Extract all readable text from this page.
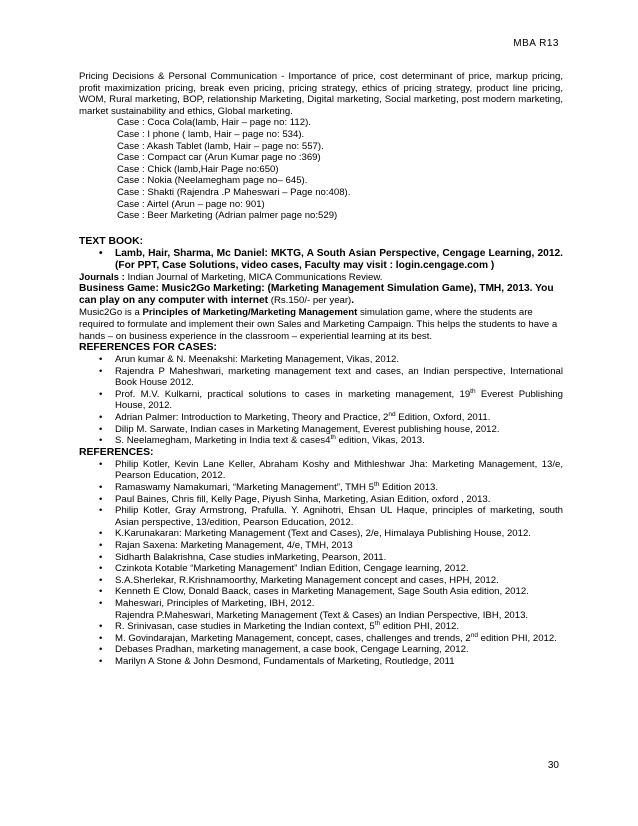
MBA R13
Pricing Decisions & Personal Communication - Importance of price, cost determinant of price, markup pricing, profit maximization pricing, break even pricing, pricing strategy, ethics of pricing strategy, product line pricing, WOM, Rural marketing, BOP, relationship Marketing, Digital marketing, Social marketing, post modern marketing, market sustainability and ethics, Global marketing.
Case : Coca Cola(lamb, Hair – page no: 112).
Case : I phone ( lamb, Hair – page no: 534).
Case : Akash Tablet (lamb, Hair – page no: 557).
Case : Compact car (Arun Kumar page no :369)
Case : Chick (lamb,Hair Page no:650)
Case : Nokia (Neelamegham page no– 645).
Case : Shakti (Rajendra .P Maheswari – Page no:408).
Case : Airtel (Arun – page no: 901)
Case : Beer Marketing (Adrian palmer page no:529)
TEXT BOOK:
• Lamb, Hair, Sharma, Mc Daniel: MKTG, A South Asian Perspective, Cengage Learning, 2012. (For PPT, Case Solutions, video cases, Faculty may visit : login.cengage.com )
Journals : Indian Journal of Marketing, MICA Communications Review.
Business Game: Music2Go Marketing: (Marketing Management Simulation Game), TMH, 2013. You can play on any computer with internet (Rs.150/- per year).
Music2Go is a Principles of Marketing/Marketing Management simulation game, where the students are required to formulate and implement their own Sales and Marketing Campaign. This helps the students to have a hands – on business experience in the classroom – experiential learning at its best.
REFERENCES FOR CASES:
• Arun kumar & N. Meenakshi: Marketing Management, Vikas, 2012.
• Rajendra P Maheshwari, marketing management text and cases, an Indian perspective, International Book House 2012.
• Prof. M.V. Kulkarni, practical solutions to cases in marketing management, 19th Everest Publishing House, 2012.
• Adrian Palmer: Introduction to Marketing, Theory and Practice, 2nd Edition, Oxford, 2011.
• Dilip M. Sarwate, Indian cases in Marketing Management, Everest publishing house, 2012.
• S. Neelamegham, Marketing in India text & cases4th edition, Vikas, 2013.
REFERENCES:
• Philip Kotler, Kevin Lane Keller, Abraham Koshy and Mithleshwar Jha: Marketing Management, 13/e, Pearson Education, 2012.
• Ramaswamy Namakumari, “Marketing Management”, TMH 5th Edition 2013.
• Paul Baines, Chris fill, Kelly Page, Piyush Sinha, Marketing, Asian Edition, oxford , 2013.
• Philip Kotler, Gray Armstrong, Prafulla. Y. Agnihotri, Ehsan UL Haque, principles of marketing, south Asian perspective, 13/edition, Pearson Education, 2012.
• K.Karunakaran: Marketing Management (Text and Cases), 2/e, Himalaya Publishing House, 2012.
• Rajan Saxena: Marketing Management, 4/e, TMH, 2013
• Sidharth Balakrishna, Case studies inMarketing, Pearson, 2011.
• Czinkota Kotable “Marketing Management” Indian Edition, Cengage learning, 2012.
• S.A.Sherlekar, R.Krishnamoorthy, Marketing Management concept and cases, HPH, 2012.
• Kenneth E Clow, Donald Baack, cases in Marketing Management, Sage South Asia edition, 2012.
• Maheswari, Principles of Marketing, IBH, 2012.
Rajendra P.Maheswari, Marketing Management (Text & Cases) an Indian Perspective, IBH, 2013.
• R. Srinivasan, case studies in Marketing the Indian context, 5th edition PHI, 2012.
• M. Govindarajan, Marketing Management, concept, cases, challenges and trends, 2nd edition PHI, 2012.
• Debases Pradhan, marketing management, a case book, Cengage Learning, 2012.
• Marilyn A Stone & John Desmond, Fundamentals of Marketing, Routledge, 2011
30
